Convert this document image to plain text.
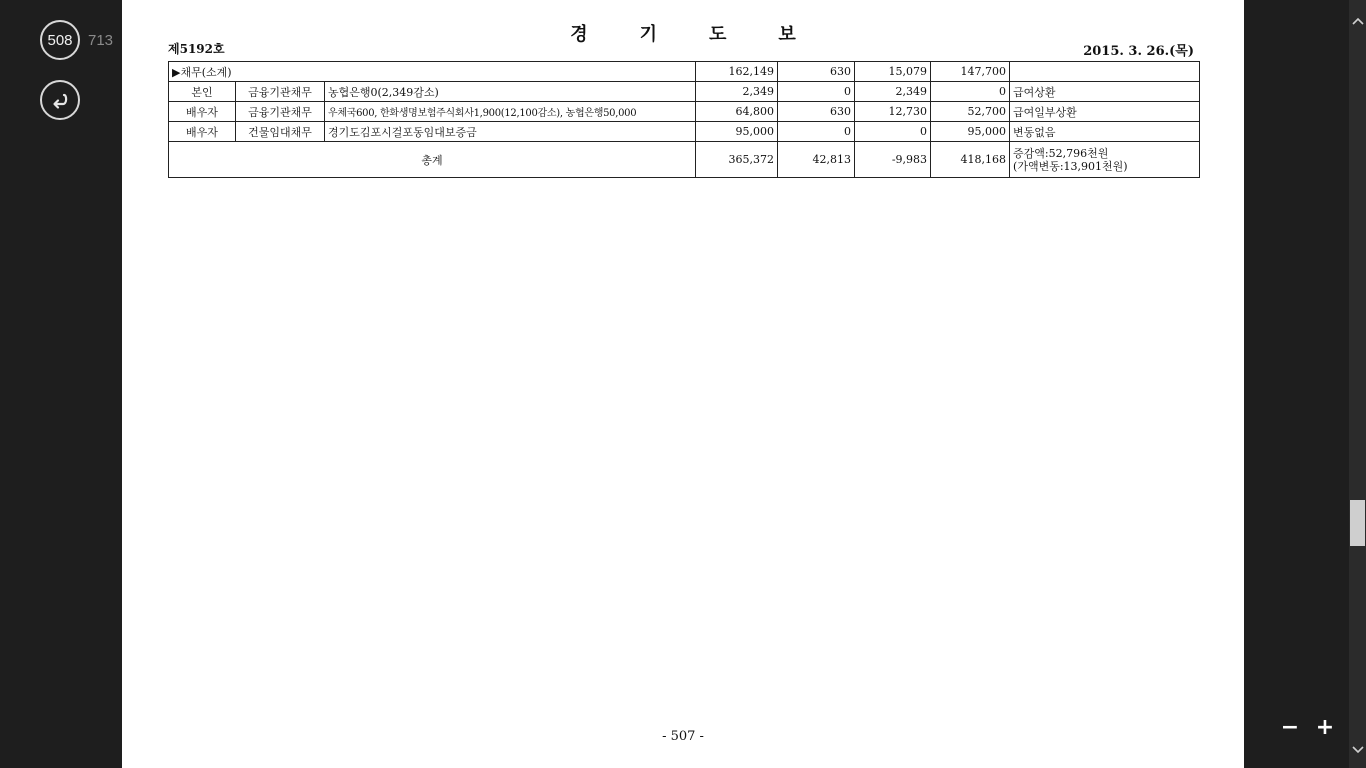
508	713	경기도보
제5192호	2015. 3. 26.(목)
▶채무(소계)			162,149	630	15,079	147,700	
본인	금융기관채무	농협은행0(2,349감소)	2,349	0	2,349	0	급여상환
배우자	금융기관채무	우체국600, 한화생명보험주식회사1,900(12,100감소), 농협은행50,000	64,800	630	12,730	52,700	급여일부상환
배우자	건물임대채무	경기도김포시걸포동임대보증금	95,000	0	0	95,000	변동없음
총계			365,372	42,813	-9,983	418,168	증감액:52,796천원
(가액변동:13,901천원)
- 507 -	− +
